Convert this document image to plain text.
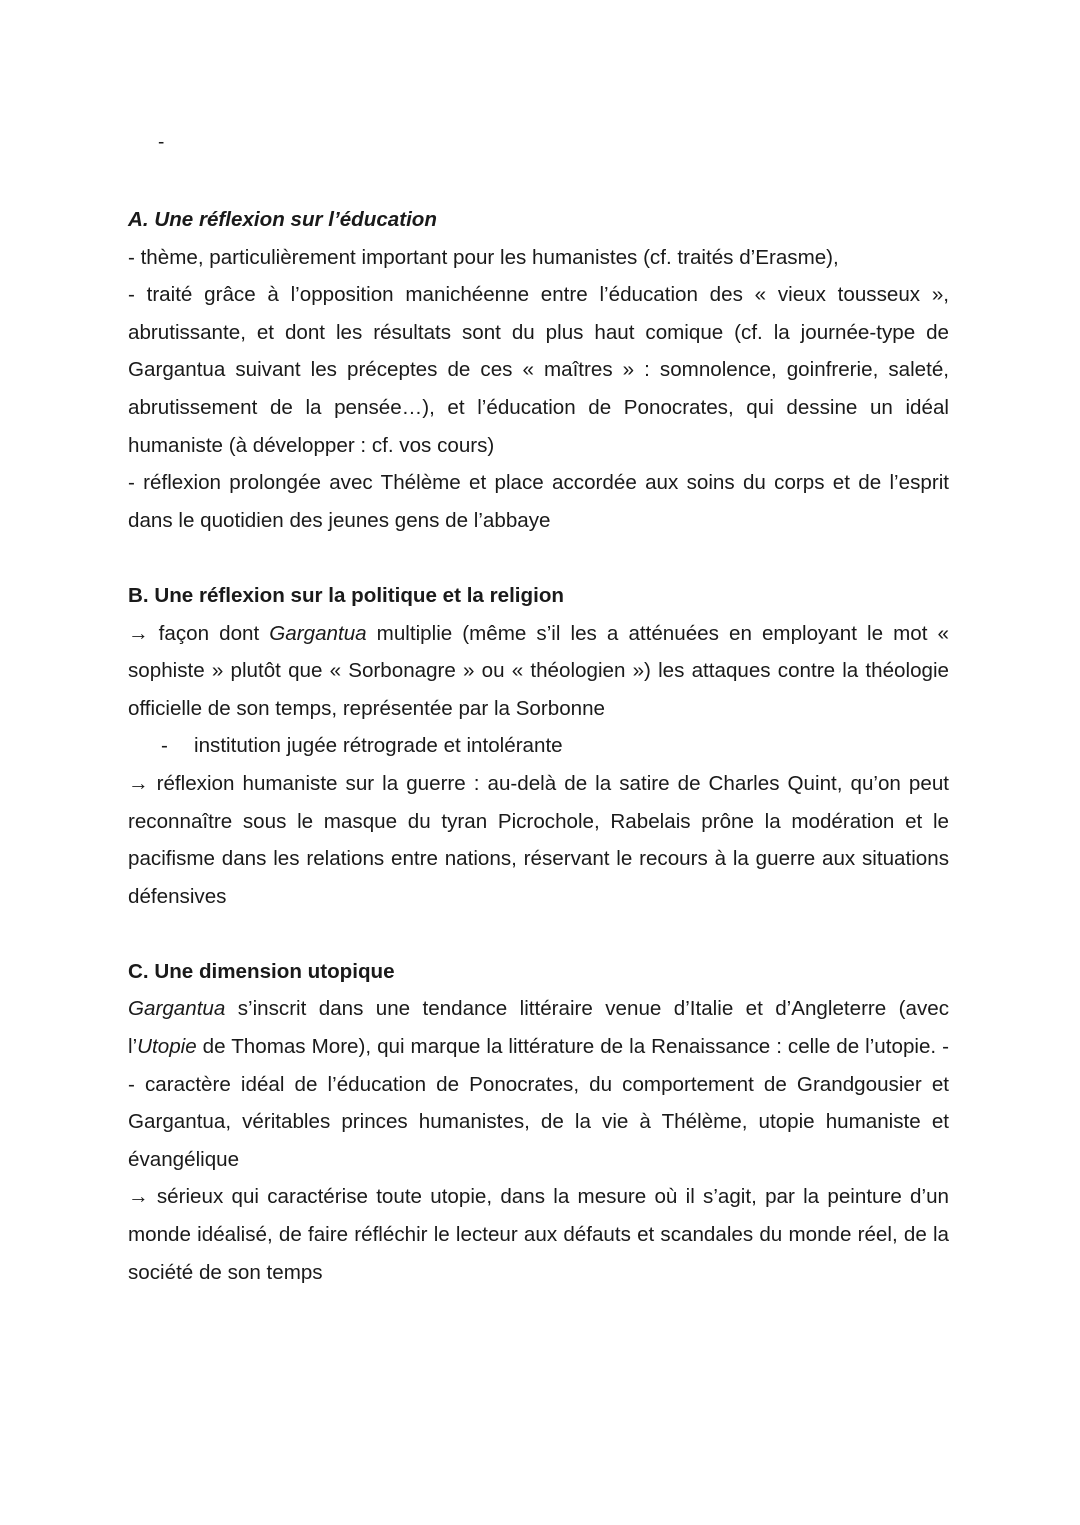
-

A. Une réflexion sur l’éducation

- thème, particulièrement important pour les humanistes (cf. traités d’Erasme),

- traité grâce à l’opposition manichéenne entre l’éducation des « vieux tousseux », abrutissante, et dont les résultats sont du plus haut comique (cf. la journée-type de Gargantua suivant les préceptes de ces « maîtres » : somnolence, goinfrerie, saleté, abrutissement de la pensée…), et l’éducation de Ponocrates, qui dessine un idéal humaniste (à développer : cf. vos cours)

- réflexion prolongée avec Thélème et place accordée aux soins du corps et de l’esprit dans le quotidien des jeunes gens de l’abbaye

B. Une réflexion sur la politique et la religion

→ façon dont Gargantua multiplie (même s’il les a atténuées en employant le mot « sophiste » plutôt que « Sorbonagre » ou « théologien ») les attaques contre la théologie officielle de son temps, représentée par la Sorbonne

-	institution jugée rétrograde et intolérante

→ réflexion humaniste sur la guerre : au-delà de la satire de Charles Quint, qu’on peut reconnaître sous le masque du tyran Picrochole, Rabelais prône la modération et le pacifisme dans les relations entre nations, réservant le recours à la guerre aux situations défensives

C. Une dimension utopique

Gargantua s’inscrit dans une tendance littéraire venue d’Italie et d’Angleterre (avec l’Utopie de Thomas More), qui marque la littérature de la Renaissance : celle de l’utopie. - - caractère idéal de l’éducation de Ponocrates, du comportement de Grandgousier et Gargantua, véritables princes humanistes, de la vie à Thélème, utopie humaniste et évangélique

→ sérieux qui caractérise toute utopie, dans la mesure où il s’agit, par la peinture d’un monde idéalisé, de faire réfléchir le lecteur aux défauts et scandales du monde réel, de la société de son temps
